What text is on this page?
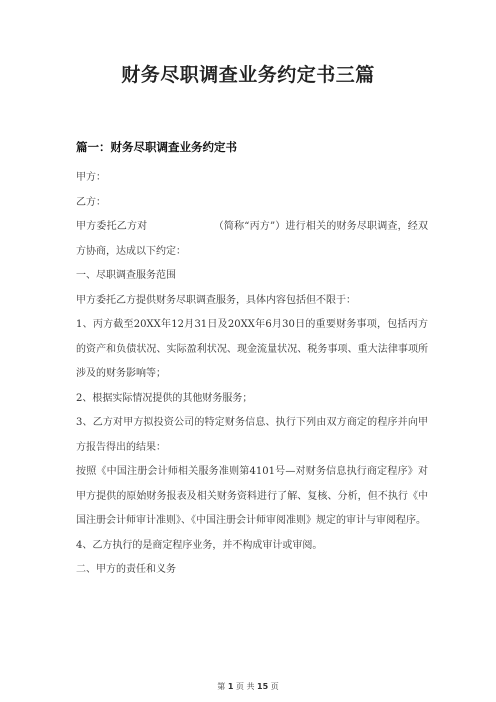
财务尽职调查业务约定书三篇
篇一：财务尽职调查业务约定书

甲方：

乙方：

甲方委托乙方对　　　　　　　（简称“丙方”）进行相关的财务尽职调查，经双方协商，达成以下约定：

一、尽职调查服务范围

甲方委托乙方提供财务尽职调查服务，具体内容包括但不限于：

1、丙方截至20XX年12月31日及20XX年6月30日的重要财务事项，包括丙方的资产和负债状况、实际盈利状况、现金流量状况、税务事项、重大法律事项所涉及的财务影响等；

2、根据实际情况提供的其他财务服务；

3、乙方对甲方拟投资公司的特定财务信息、执行下列由双方商定的程序并向甲方报告得出的结果：

按照《中国注册会计师相关服务准则第4101号—对财务信息执行商定程序》对甲方提供的原始财务报表及相关财务资料进行了解、复核、分析，但不执行《中国注册会计师审计准则》、《中国注册会计师审阅准则》规定的审计与审阅程序。

4、乙方执行的是商定程序业务，并不构成审计或审阅。

二、甲方的责任和义务

第 1 页 共 15 页
